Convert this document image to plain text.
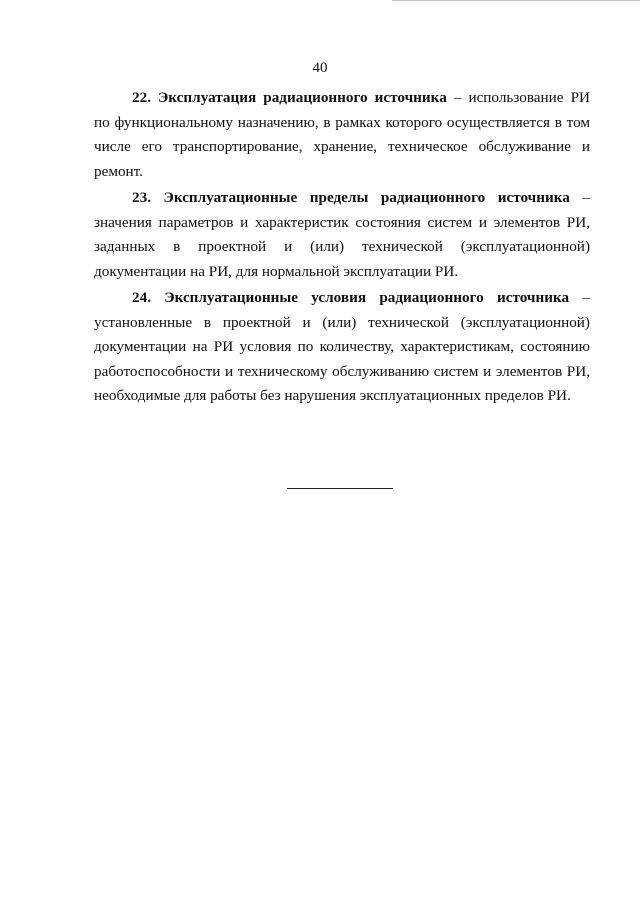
40

22. Эксплуатация радиационного источника – использование РИ по функциональному назначению, в рамках которого осуществляется в том числе его транспортирование, хранение, техническое обслуживание и ремонт.

23. Эксплуатационные пределы радиационного источника – значения параметров и характеристик состояния систем и элементов РИ, заданных в проектной и (или) технической (эксплуатационной) документации на РИ, для нормальной эксплуатации РИ.

24. Эксплуатационные условия радиационного источника – установленные в проектной и (или) технической (эксплуатационной) документации на РИ условия по количеству, характеристикам, состоянию работоспособности и техническому обслуживанию систем и элементов РИ, необходимые для работы без нарушения эксплуатационных пределов РИ.
